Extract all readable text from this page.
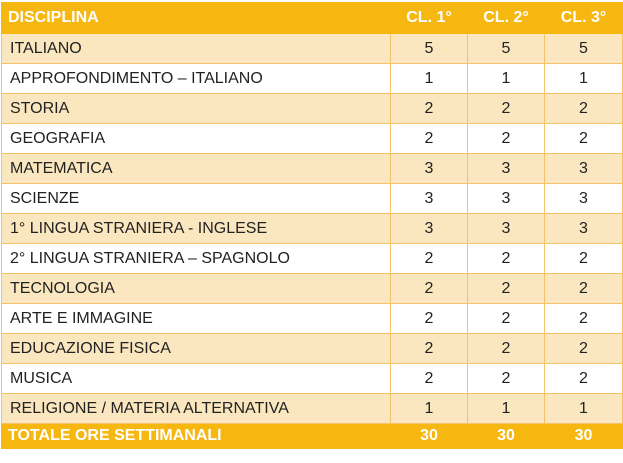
DISCIPLINA	CL. 1°	CL. 2°	CL. 3°
ITALIANO	5	5	5
APPROFONDIMENTO – ITALIANO	1	1	1
STORIA	2	2	2
GEOGRAFIA	2	2	2
MATEMATICA	3	3	3
SCIENZE	3	3	3
1° LINGUA STRANIERA - INGLESE	3	3	3
2° LINGUA STRANIERA – SPAGNOLO	2	2	2
TECNOLOGIA	2	2	2
ARTE E IMMAGINE	2	2	2
EDUCAZIONE FISICA	2	2	2
MUSICA	2	2	2
RELIGIONE / MATERIA ALTERNATIVA	1	1	1
TOTALE ORE SETTIMANALI	30	30	30
